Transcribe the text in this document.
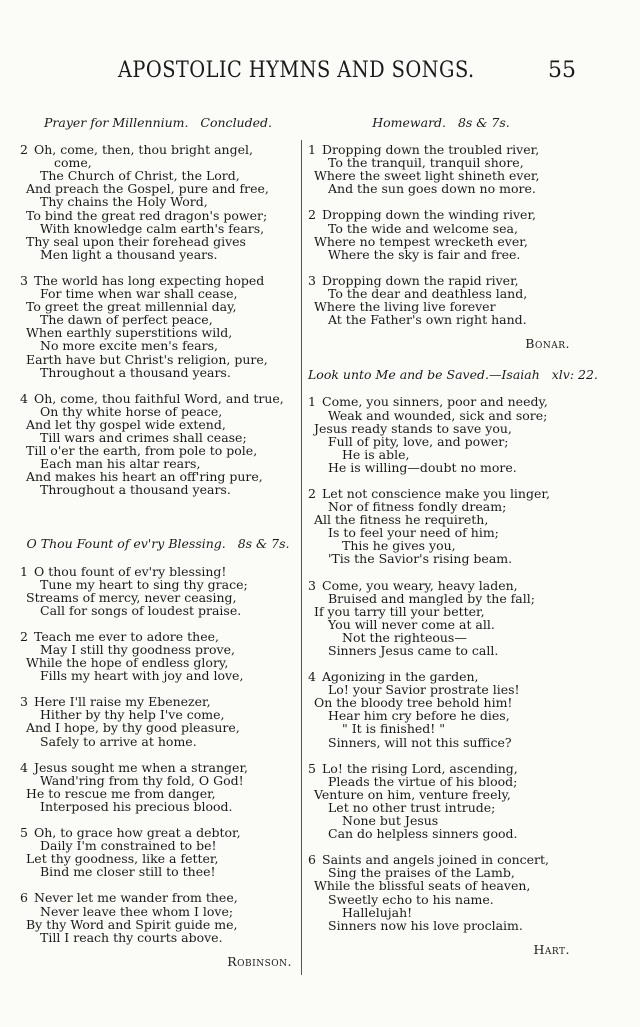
APOSTOLIC HYMNS AND SONGS.	55
Prayer for Millennium. Concluded.
2 Oh, come, then, thou bright angel,
come,
The Church of Christ, the Lord,
And preach the Gospel, pure and free,
Thy chains the Holy Word,
To bind the great red dragon's power;
With knowledge calm earth's fears,
Thy seal upon their forehead gives
Men light a thousand years.
3 The world has long expecting hoped
For time when war shall cease,
To greet the great millennial day,
The dawn of perfect peace,
When earthly superstitions wild,
No more excite men's fears,
Earth have but Christ's religion, pure,
Throughout a thousand years.
4 Oh, come, thou faithful Word, and true,
On thy white horse of peace,
And let thy gospel wide extend,
Till wars and crimes shall cease;
Till o'er the earth, from pole to pole,
Each man his altar rears,
And makes his heart an off'ring pure,
Throughout a thousand years.
O Thou Fount of ev'ry Blessing. 8s & 7s.
1 O thou fount of ev'ry blessing!
Tune my heart to sing thy grace;
Streams of mercy, never ceasing,
Call for songs of loudest praise.
2 Teach me ever to adore thee,
May I still thy goodness prove,
While the hope of endless glory,
Fills my heart with joy and love,
3 Here I'll raise my Ebenezer,
Hither by thy help I've come,
And I hope, by thy good pleasure,
Safely to arrive at home.
4 Jesus sought me when a stranger,
Wand'ring from thy fold, O God!
He to rescue me from danger,
Interposed his precious blood.
5 Oh, to grace how great a debtor,
Daily I'm constrained to be!
Let thy goodness, like a fetter,
Bind me closer still to thee!
6 Never let me wander from thee,
Never leave thee whom I love;
By thy Word and Spirit guide me,
Till I reach thy courts above.
Robinson.
Homeward. 8s & 7s.
1 Dropping down the troubled river,
To the tranquil, tranquil shore,
Where the sweet light shineth ever,
And the sun goes down no more.
2 Dropping down the winding river,
To the wide and welcome sea,
Where no tempest wrecketh ever,
Where the sky is fair and free.
3 Dropping down the rapid river,
To the dear and deathless land,
Where the living live forever
At the Father's own right hand.
Bonar.
Look unto Me and be Saved.—Isaiah xlv: 22.
1 Come, you sinners, poor and needy,
Weak and wounded, sick and sore;
Jesus ready stands to save you,
Full of pity, love, and power;
He is able,
He is willing—doubt no more.
2 Let not conscience make you linger,
Nor of fitness fondly dream;
All the fitness he requireth,
Is to feel your need of him;
This he gives you,
'Tis the Savior's rising beam.
3 Come, you weary, heavy laden,
Bruised and mangled by the fall;
If you tarry till your better,
You will never come at all.
Not the righteous—
Sinners Jesus came to call.
4 Agonizing in the garden,
Lo! your Savior prostrate lies!
On the bloody tree behold him!
Hear him cry before he dies,
" It is finished! "
Sinners, will not this suffice?
5 Lo! the rising Lord, ascending,
Pleads the virtue of his blood;
Venture on him, venture freely,
Let no other trust intrude;
None but Jesus
Can do helpless sinners good.
6 Saints and angels joined in concert,
Sing the praises of the Lamb,
While the blissful seats of heaven,
Sweetly echo to his name.
Hallelujah!
Sinners now his love proclaim.
Hart.
